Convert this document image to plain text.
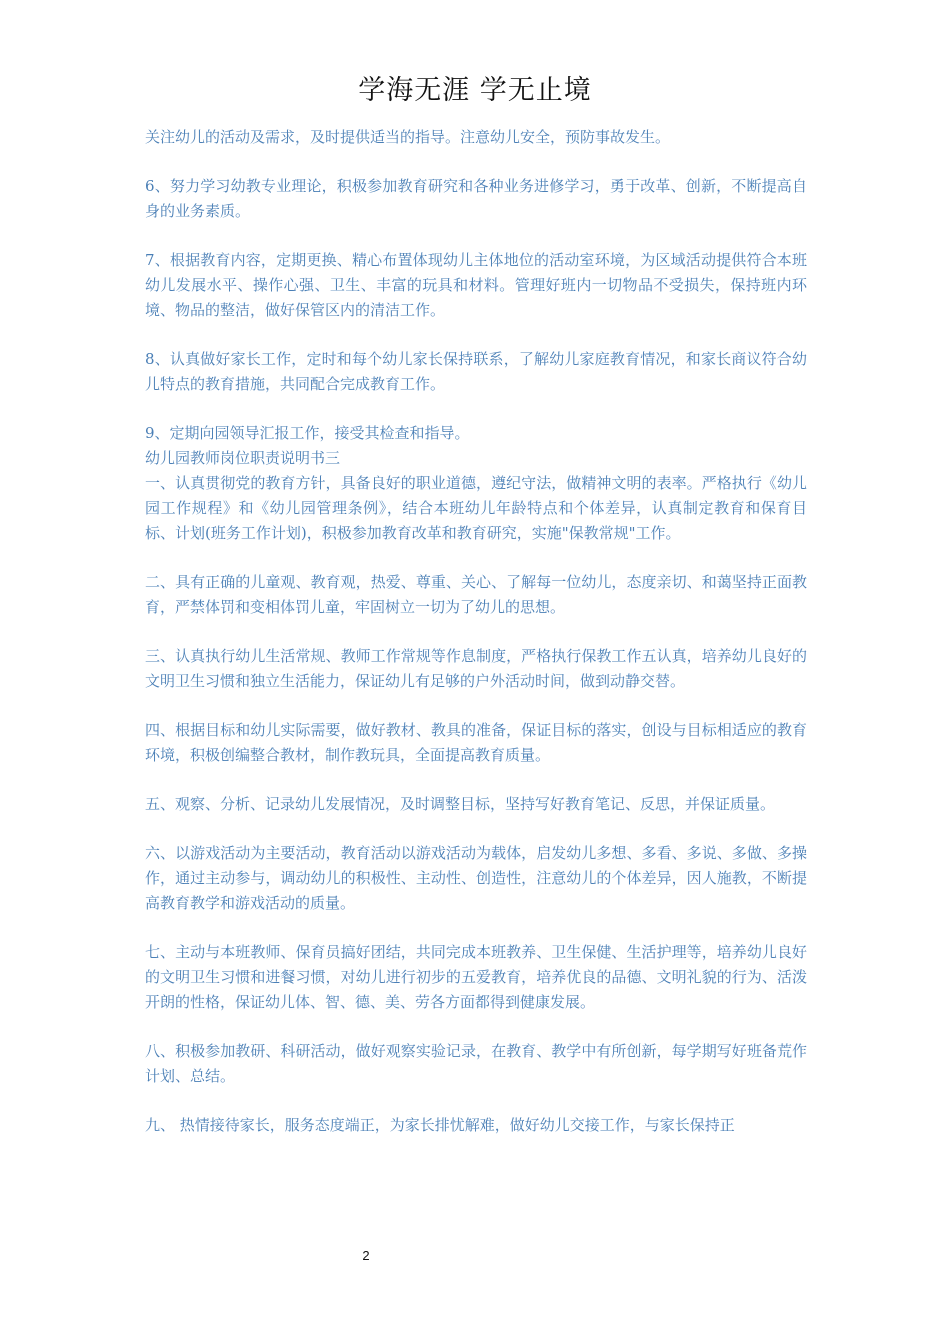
学海无涯 学无止境

关注幼儿的活动及需求，及时提供适当的指导。注意幼儿安全，预防事故发生。

6、努力学习幼教专业理论，积极参加教育研究和各种业务进修学习，勇于改革、创新，不断提高自身的业务素质。

7、根据教育内容，定期更换、精心布置体现幼儿主体地位的活动室环境，为区域活动提供符合本班幼儿发展水平、操作心强、卫生、丰富的玩具和材料。管理好班内一切物品不受损失，保持班内环境、物品的整洁，做好保管区内的清洁工作。

8、认真做好家长工作，定时和每个幼儿家长保持联系，了解幼儿家庭教育情况，和家长商议符合幼儿特点的教育措施，共同配合完成教育工作。

9、定期向园领导汇报工作，接受其检查和指导。

幼儿园教师岗位职责说明书三

一、认真贯彻党的教育方针，具备良好的职业道德，遵纪守法，做精神文明的表率。严格执行《幼儿园工作规程》和《幼儿园管理条例》，结合本班幼儿年龄特点和个体差异，认真制定教育和保育目标、计划(班务工作计划)，积极参加教育改革和教育研究，实施"保教常规"工作。

二、具有正确的儿童观、教育观，热爱、尊重、关心、了解每一位幼儿，态度亲切、和蔼坚持正面教育，严禁体罚和变相体罚儿童，牢固树立一切为了幼儿的思想。

三、认真执行幼儿生活常规、教师工作常规等作息制度，严格执行保教工作五认真，培养幼儿良好的文明卫生习惯和独立生活能力，保证幼儿有足够的户外活动时间，做到动静交替。

四、根据目标和幼儿实际需要，做好教材、教具的准备，保证目标的落实，创设与目标相适应的教育环境，积极创编整合教材，制作教玩具，全面提高教育质量。

五、观察、分析、记录幼儿发展情况，及时调整目标，坚持写好教育笔记、反思，并保证质量。

六、以游戏活动为主要活动，教育活动以游戏活动为载体，启发幼儿多想、多看、多说、多做、多操作，通过主动参与，调动幼儿的积极性、主动性、创造性，注意幼儿的个体差异，因人施教，不断提高教育教学和游戏活动的质量。

七、主动与本班教师、保育员搞好团结，共同完成本班教养、卫生保健、生活护理等，培养幼儿良好的文明卫生习惯和进餐习惯，对幼儿进行初步的五爱教育，培养优良的品德、文明礼貌的行为、活泼开朗的性格，保证幼儿体、智、德、美、劳各方面都得到健康发展。

八、积极参加教研、科研活动，做好观察实验记录，在教育、教学中有所创新，每学期写好班备荒作计划、总结。

九、 热情接待家长，服务态度端正，为家长排忧解难，做好幼儿交接工作，与家长保持正

2
